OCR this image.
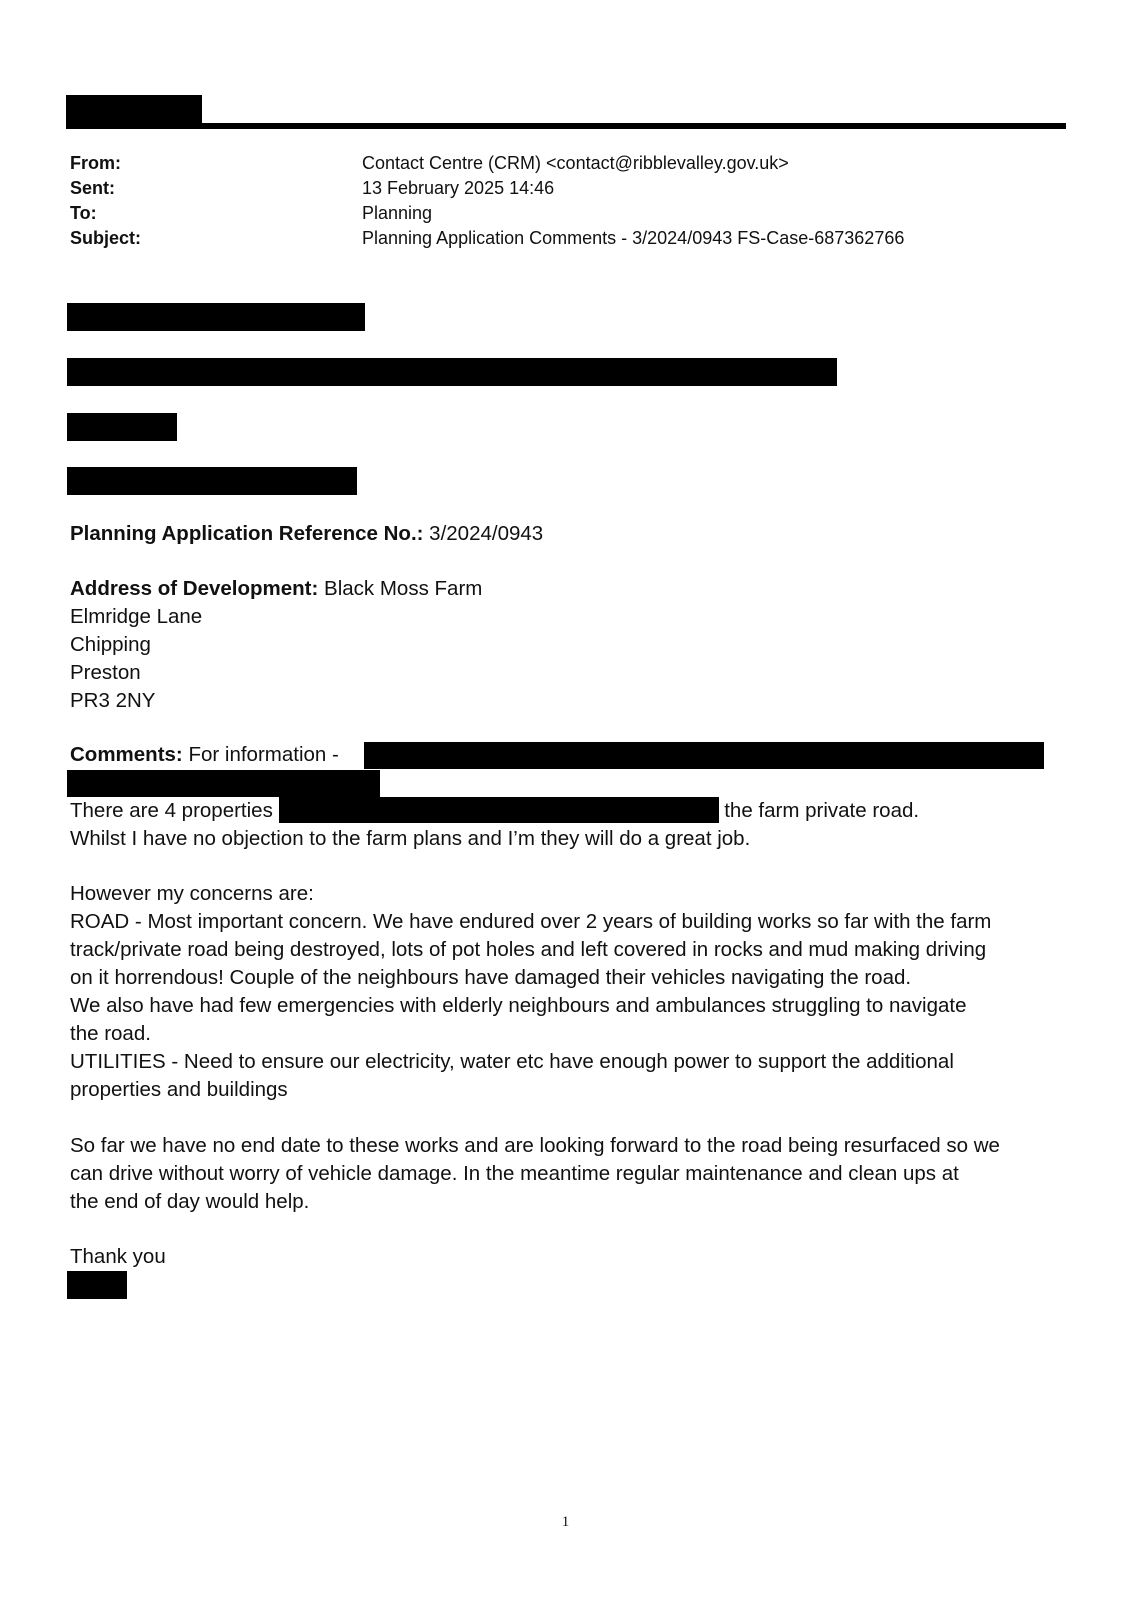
From:	Contact Centre (CRM) <contact@ribblevalley.gov.uk>
Sent:	13 February 2025 14:46
To:	Planning
Subject:	Planning Application Comments - 3/2024/0943 FS-Case-687362766
Planning Application Reference No.: 3/2024/0943
Address of Development: Black Moss Farm
Elmridge Lane
Chipping
Preston
PR3 2NY
Comments: For information -
There are 4 properties	the farm private road.
Whilst I have no objection to the farm plans and I’m they will do a great job.
However my concerns are:
ROAD - Most important concern. We have endured over 2 years of building works so far with the farm
track/private road being destroyed, lots of pot holes and left covered in rocks and mud making driving
on it horrendous! Couple of the neighbours have damaged their vehicles navigating the road.
We also have had few emergencies with elderly neighbours and ambulances struggling to navigate
the road.
UTILITIES - Need to ensure our electricity, water etc have enough power to support the additional
properties and buildings
So far we have no end date to these works and are looking forward to the road being resurfaced so we
can drive without worry of vehicle damage. In the meantime regular maintenance and clean ups at
the end of day would help.
Thank you
1
